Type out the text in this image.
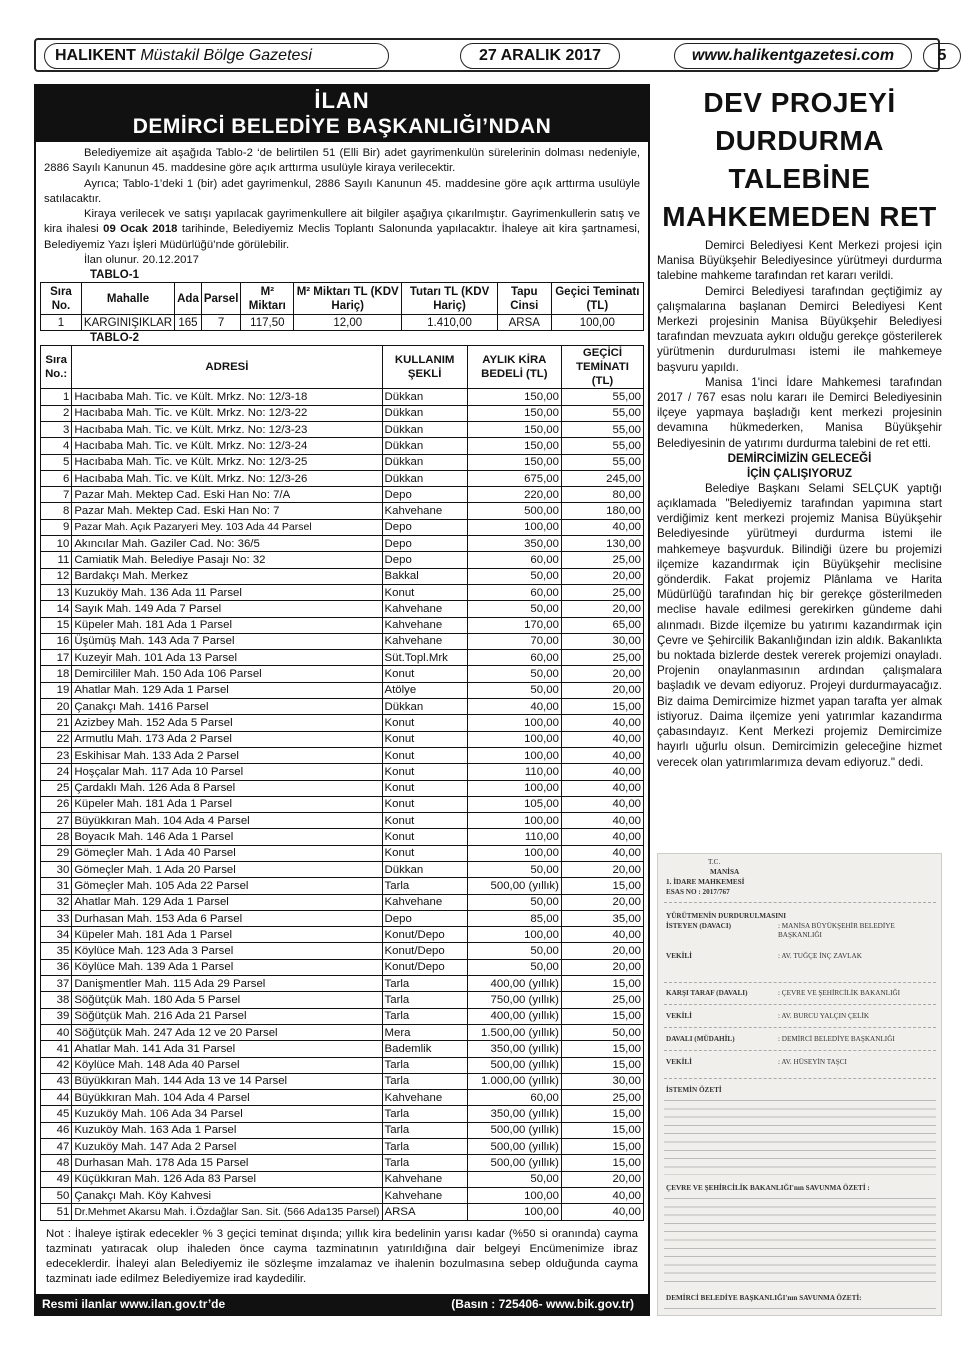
HALIKENT Müstakil Bölge Gazetesi	27 ARALIK 2017	www.halikentgazetesi.com	5
İLAN
DEMİRCİ BELEDİYE BAŞKANLIĞI’NDAN

Belediyemize ait aşağıda Tablo-2 ‘de belirtilen 51 (Elli Bir) adet gayrimenkulün sürelerinin dolması nedeniyle, 2886 Sayılı Kanunun 45. maddesine göre açık arttırma usulüyle kiraya verilecektir.

Ayrıca; Tablo-1’deki 1 (bir) adet gayrimenkul, 2886 Sayılı Kanunun 45. maddesine göre açık arttırma usulüyle satılacaktır.

Kiraya verilecek ve satışı yapılacak gayrimenkullere ait bilgiler aşağıya çıkarılmıştır. Gayrimenkullerin satış ve kira ihalesi 09 Ocak 2018 tarihinde, Belediyemiz Meclis Toplantı Salonunda yapılacaktır. İhaleye ait kira şartnamesi, Belediyemiz Yazı İşleri Müdürlüğü’nde görülebilir.

İlan olunur. 20.12.2017

TABLO-1
Sıra No.	Mahalle	Ada	Parsel	M² Miktarı	M² Miktarı TL (KDV Hariç)	Tutarı TL (KDV Hariç)	Tapu Cinsi	Geçici Teminatı (TL)
1	KARGINIŞIKLAR	165	7	117,50	12,00	1.410,00	ARSA	100,00
TABLO-2
Sıra No.:	ADRESİ	KULLANIM ŞEKLİ	AYLIK KİRA BEDELİ (TL)	GEÇİCİ TEMİNATI (TL)
1	Hacıbaba Mah. Tic. ve Kült. Mrkz. No: 12/3-18	Dükkan	150,00	55,00
2	Hacıbaba Mah. Tic. ve Kült. Mrkz. No: 12/3-22	Dükkan	150,00	55,00
3	Hacıbaba Mah. Tic. ve Kült. Mrkz. No: 12/3-23	Dükkan	150,00	55,00
4	Hacıbaba Mah. Tic. ve Kült. Mrkz. No: 12/3-24	Dükkan	150,00	55,00
5	Hacıbaba Mah. Tic. ve Kült. Mrkz. No: 12/3-25	Dükkan	150,00	55,00
6	Hacıbaba Mah. Tic. ve Kült. Mrkz. No: 12/3-26	Dükkan	675,00	245,00
7	Pazar Mah. Mektep Cad. Eski Han No: 7/A	Depo	220,00	80,00
8	Pazar Mah. Mektep Cad. Eski Han No: 7	Kahvehane	500,00	180,00
9	Pazar Mah. Açık Pazaryeri Mey. 103 Ada 44 Parsel	Depo	100,00	40,00
10	Akıncılar Mah. Gaziler Cad. No: 36/5	Depo	350,00	130,00
11	Camiatik Mah. Belediye Pasajı No: 32	Depo	60,00	25,00
12	Bardakçı Mah. Merkez	Bakkal	50,00	20,00
13	Kuzuköy Mah. 136 Ada 11 Parsel	Konut	60,00	25,00
14	Sayık Mah. 149 Ada 7 Parsel	Kahvehane	50,00	20,00
15	Küpeler Mah. 181 Ada 1 Parsel	Kahvehane	170,00	65,00
16	Üşümüş Mah. 143 Ada 7 Parsel	Kahvehane	70,00	30,00
17	Kuzeyir Mah. 101 Ada 13 Parsel	Süt.Topl.Mrk	60,00	25,00
18	Demircililer Mah. 150 Ada 106 Parsel	Konut	50,00	20,00
19	Ahatlar Mah. 129 Ada 1 Parsel	Atölye	50,00	20,00
20	Çanakçı Mah. 1416 Parsel	Dükkan	40,00	15,00
21	Azizbey Mah. 152 Ada 5 Parsel	Konut	100,00	40,00
22	Armutlu Mah. 173 Ada 2 Parsel	Konut	100,00	40,00
23	Eskihisar Mah. 133 Ada 2 Parsel	Konut	100,00	40,00
24	Hoşçalar Mah. 117 Ada 10 Parsel	Konut	110,00	40,00
25	Çardaklı Mah. 126 Ada 8 Parsel	Konut	100,00	40,00
26	Küpeler Mah. 181 Ada 1 Parsel	Konut	105,00	40,00
27	Büyükkıran Mah. 104 Ada 4 Parsel	Konut	100,00	40,00
28	Boyacık Mah. 146 Ada 1 Parsel	Konut	110,00	40,00
29	Gömeçler Mah. 1 Ada 40 Parsel	Konut	100,00	40,00
30	Gömeçler Mah. 1 Ada 20 Parsel	Dükkan	50,00	20,00
31	Gömeçler Mah. 105 Ada 22 Parsel	Tarla	500,00 (yıllık)	15,00
32	Ahatlar Mah. 129 Ada 1 Parsel	Kahvehane	50,00	20,00
33	Durhasan Mah. 153 Ada 6 Parsel	Depo	85,00	35,00
34	Küpeler Mah. 181 Ada 1 Parsel	Konut/Depo	100,00	40,00
35	Köylüce Mah. 123 Ada 3 Parsel	Konut/Depo	50,00	20,00
36	Köylüce Mah. 139 Ada 1 Parsel	Konut/Depo	50,00	20,00
37	Danişmentler Mah. 115 Ada 29 Parsel	Tarla	400,00 (yıllık)	15,00
38	Söğütçük Mah. 180 Ada 5 Parsel	Tarla	750,00 (yıllık)	25,00
39	Söğütçük Mah. 216 Ada 21 Parsel	Tarla	400,00 (yıllık)	15,00
40	Söğütçük Mah. 247 Ada 12 ve 20 Parsel	Mera	1.500,00 (yıllık)	50,00
41	Ahatlar Mah. 141 Ada 31 Parsel	Bademlik	350,00 (yıllık)	15,00
42	Köylüce Mah. 148 Ada 40 Parsel	Tarla	500,00 (yıllık)	15,00
43	Büyükkıran Mah. 144 Ada 13 ve 14 Parsel	Tarla	1.000,00 (yıllık)	30,00
44	Büyükkıran Mah. 104 Ada 4 Parsel	Kahvehane	60,00	25,00
45	Kuzuköy Mah. 106 Ada 34 Parsel	Tarla	350,00 (yıllık)	15,00
46	Kuzuköy Mah. 163 Ada 1 Parsel	Tarla	500,00 (yıllık)	15,00
47	Kuzuköy Mah. 147 Ada 2 Parsel	Tarla	500,00 (yıllık)	15,00
48	Durhasan Mah. 178 Ada 15 Parsel	Tarla	500,00 (yıllık)	15,00
49	Küçükkıran Mah. 126 Ada 83 Parsel	Kahvehane	50,00	20,00
50	Çanakçı Mah. Köy Kahvesi	Kahvehane	100,00	40,00
51	Dr.Mehmet Akarsu Mah. İ.Özdağlar San. Sit. (566 Ada135 Parsel)	ARSA	100,00	40,00
Not : İhaleye iştirak edecekler % 3 geçici teminat dışında; yıllık kira bedelinin yarısı kadar (%50 si oranında) cayma tazminatı yatıracak olup ihaleden önce cayma tazminatının yatırıldığına dair belgeyi Encümenimize ibraz edeceklerdir. İhaleyi alan Belediyemiz ile sözleşme imzalamaz ve ihalenin bozulmasına sebep olduğunda cayma tazminatı iade edilmez Belediyemize irad kaydedilir.
Resmi ilanlar www.ilan.gov.tr’de	(Basın : 725406- www.bik.gov.tr)
DEV PROJEYİ
DURDURMA
TALEBİNE
MAHKEMEDEN RET

Demirci Belediyesi Kent Merkezi projesi için Manisa Büyükşehir Belediyesince yürütmeyi durdurma talebine mahkeme tarafından ret kararı verildi.

Demirci Belediyesi tarafından geçtiğimiz ay çalışmalarına başlanan Demirci Belediyesi Kent Merkezi projesinin Manisa Büyükşehir Belediyesi tarafından mevzuata aykırı olduğu gerekçe gösterilerek yürütmenin durdurulması istemi ile mahkemeye başvuru yapıldı.

Manisa 1'inci İdare Mahkemesi tarafından 2017 / 767 esas nolu kararı ile Demirci Belediyesinin ilçeye yapmaya başladığı kent merkezi projesinin devamına hükmederken, Manisa Büyükşehir Belediyesinin de yatırımı durdurma talebini de ret etti.

DEMİRCİMİZİN GELECEĞİ
İÇİN ÇALIŞIYORUZ

Belediye Başkanı Selami SELÇUK yaptığı açıklamada "Belediyemiz tarafından yapımına start verdiğimiz kent merkezi projemiz Manisa Büyükşehir Belediyesinde yürütmeyi durdurma istemi ile mahkemeye başvurduk. Bilindiği üzere bu projemizi ilçemize kazandırmak için Büyükşehir meclisine gönderdik. Fakat projemiz Plânlama ve Harita Müdürlüğü tarafından hiç bir gerekçe gösterilmeden meclise havale edilmesi gerekirken gündeme dahi alınmadı. Bizde ilçemize bu yatırımı kazandırmak için Çevre ve Şehircilik Bakanlığından izin aldık. Bakanlıkta bu noktada bizlerde destek vererek projemizi onayladı. Projenin onaylanmasının ardından çalışmalara başladık ve devam ediyoruz. Projeyi durdurmayacağız. Biz daima Demircimize hizmet yapan tarafta yer almak istiyoruz. Daima ilçemize yeni yatırımlar kazandırma çabasındayız. Kent Merkezi projemiz Demircimize hayırlı uğurlu olsun. Demircimizin geleceğine hizmet verecek olan yatırımlarımıza devam ediyoruz." dedi.

T.C.
MANİSA
1. İDARE MAHKEMESİ
ESAS NO : 2017/767
YÜRÜTMENİN DURDURULMASINI
İSTEYEN (DAVACI)	: MANİSA BÜYÜKŞEHİR BELEDİYE BAŞKANLIĞI
VEKİLİ	: AV. TUĞÇE İNÇ ZAVLAK
KARŞI TARAF (DAVALI)	: ÇEVRE VE ŞEHİRCİLİK BAKANLIĞI
VEKİLİ	: AV. BURCU YALÇIN ÇELİK
DAVALI (MÜDAHİL)	: DEMİRCİ BELEDİYE BAŞKANLIĞI
VEKİLİ	: AV. HÜSEYİN TAŞCI
İSTEMİN ÖZETİ
ÇEVRE VE ŞEHİRCİLİK BAKANLIĞI'nın SAVUNMA ÖZETİ :
DEMİRCİ BELEDİYE BAŞKANLIĞI'nın SAVUNMA ÖZETİ:
